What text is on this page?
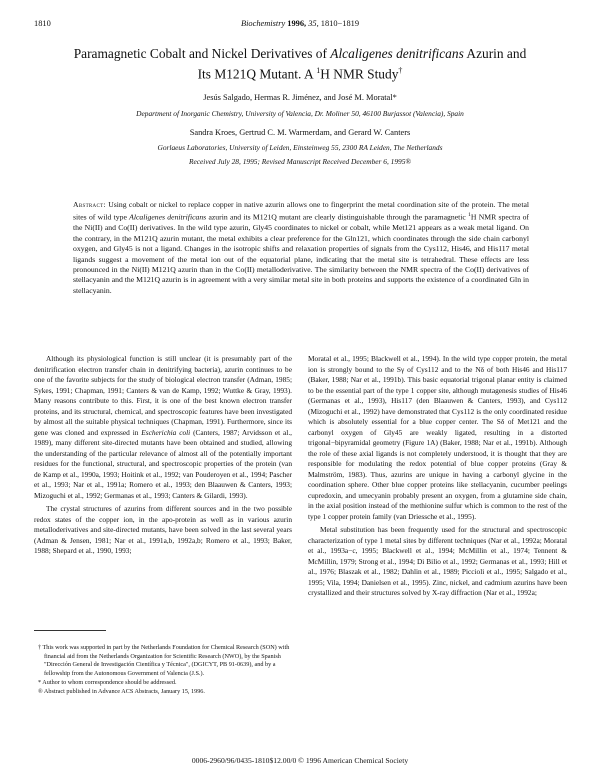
1810	Biochemistry 1996, 35, 1810−1819
Paramagnetic Cobalt and Nickel Derivatives of Alcaligenes denitrificans Azurin and
Its M121Q Mutant. A $^1$H NMR Study†
Jesús Salgado, Hermas R. Jiménez, and José M. Moratal*
Department of Inorganic Chemistry, University of Valencia, Dr. Moliner 50, 46100 Burjassot (Valencia), Spain
Sandra Kroes, Gertrud C. M. Warmerdam, and Gerard W. Canters
Gorlaeus Laboratories, University of Leiden, Einsteinweg 55, 2300 RA Leiden, The Netherlands
Received July 28, 1995; Revised Manuscript Received December 6, 1995®
Abstract: Using cobalt or nickel to replace copper in native azurin allows one to fingerprint the metal coordination site of the protein. The metal sites of wild type Alcaligenes denitrificans azurin and its M121Q mutant are clearly distinguishable through the paramagnetic $^1$H NMR spectra of the Ni(II) and Co(II) derivatives. In the wild type azurin, Gly45 coordinates to nickel or cobalt, while Met121 appears as a weak metal ligand. On the contrary, in the M121Q azurin mutant, the metal exhibits a clear preference for the Gln121, which coordinates through the side chain carbonyl oxygen, and Gly45 is not a ligand. Changes in the isotropic shifts and relaxation properties of signals from the Cys112, His46, and His117 metal ligands suggest a movement of the metal ion out of the equatorial plane, indicating that the metal site is tetrahedral. These effects are less pronounced in the Ni(II) M121Q azurin than in the Co(II) metalloderivative. The similarity between the NMR spectra of the Co(II) derivatives of stellacyanin and the M121Q azurin is in agreement with a very similar metal site in both proteins and supports the existence of a coordinated Gln in stellacyanin.

Although its physiological function is still unclear (it is presumably part of the denitrification electron transfer chain in denitrifying bacteria), azurin continues to be one of the favorite subjects for the study of biological electron transfer (Adman, 1985; Sykes, 1991; Chapman, 1991; Canters & van de Kamp, 1992; Wuttke & Gray, 1993). Many reasons contribute to this. First, it is one of the best known electron transfer proteins, and its structural, chemical, and spectroscopic features have been investigated by almost all the suitable physical techniques (Chapman, 1991). Furthermore, since its gene was cloned and expressed in Escherichia coli (Canters, 1987; Arvidsson et al., 1989), many different site-directed mutants have been obtained and studied, allowing the understanding of the particular relevance of almost all of the potentially important residues for the functional, structural, and spectroscopic properties of the protein (van de Kamp et al., 1990a, 1993; Hoitink et al., 1992; van Pouderoyen et al., 1994; Pascher et al., 1993; Nar et al., 1991a; Romero et al., 1993; den Blaauwen & Canters, 1993; Mizoguchi et al., 1992; Germanas et al., 1993; Canters & Gilardi, 1993).

The crystal structures of azurins from different sources and in the two possible redox states of the copper ion, in the apo-protein as well as in various azurin metalloderivatives and site-directed mutants, have been solved in the last several years (Adman & Jensen, 1981; Nar et al., 1991a,b, 1992a,b; Romero et al., 1993; Baker, 1988; Shepard et al., 1990, 1993;

† This work was supported in part by the Netherlands Foundation for Chemical Research (SON) with financial aid from the Netherlands Organization for Scientific Research (NWO), by the Spanish "Dirección General de Investigación Científica y Técnica", (DGICYT, PB 91-0639), and by a fellowship from the Autonomous Government of Valencia (J.S.).

* Author to whom correspondence should be addressed.

® Abstract published in Advance ACS Abstracts, January 15, 1996.

Moratal et al., 1995; Blackwell et al., 1994). In the wild type copper protein, the metal ion is strongly bound to the Sγ of Cys112 and to the Nδ of both His46 and His117 (Baker, 1988; Nar et al., 1991b). This basic equatorial trigonal planar entity is claimed to be the essential part of the type 1 copper site, although mutagenesis studies of His46 (Germanas et al., 1993), His117 (den Blaauwen & Canters, 1993), and Cys112 (Mizoguchi et al., 1992) have demonstrated that Cys112 is the only coordinated residue which is absolutely essential for a blue copper center. The Sδ of Met121 and the carbonyl oxygen of Gly45 are weakly ligated, resulting in a distorted trigonal−bipyramidal geometry (Figure 1A) (Baker, 1988; Nar et al., 1991b). Although the role of these axial ligands is not completely understood, it is thought that they are responsible for modulating the redox potential of blue copper proteins (Gray & Malmström, 1983). Thus, azurins are unique in having a carbonyl glycine in the coordination sphere. Other blue copper proteins like stellacyanin, cucumber peelings cupredoxin, and umecyanin probably present an oxygen, from a glutamine side chain, in the axial position instead of the methionine sulfur which is common to the rest of the type 1 copper protein family (van Driessche et al., 1995).

Metal substitution has been frequently used for the structural and spectroscopic characterization of type 1 metal sites by different techniques (Nar et al., 1992a; Moratal et al., 1993a−c, 1995; Blackwell et al., 1994; McMillin et al., 1974; Tennent & McMillin, 1979; Strong et al., 1994; Di Bilio et al., 1992; Germanas et al., 1993; Hill et al., 1976; Blaszak et al., 1982; Dahlin et al., 1989; Piccioli et al., 1995; Salgado et al., 1995; Vila, 1994; Danielsen et al., 1995). Zinc, nickel, and cadmium azurins have been crystallized and their structures solved by X-ray diffraction (Nar et al., 1992a;

0006-2960/96/0435-1810$12.00/0 © 1996 American Chemical Society
